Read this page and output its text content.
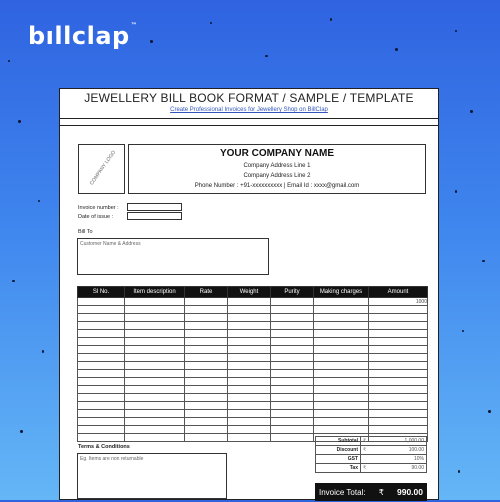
bıllclap™
JEWELLERY BILL BOOK FORMAT / SAMPLE / TEMPLATE
Create Professional Invoices for Jewellery Shop on BillClap
COMPANY LOGO	YOUR COMPANY NAME
Company Address Line 1
Company Address Line 2
Phone Number : +91-xxxxxxxxxx | Email Id : xxxx@gmail.com
Invoice number :
Date of issue :
Bill To
Customer Name & Address
Sl No.	Item description	Rate	Weight	Purity	Making charges	Amount
						1000

Terms & Conditions
Eg. Items are non returnable
Subtotal	₹	1,000.00
Discount	₹	100.00
GST		10%
Tax	₹	90.00
Invoice Total: ₹ 990.00
